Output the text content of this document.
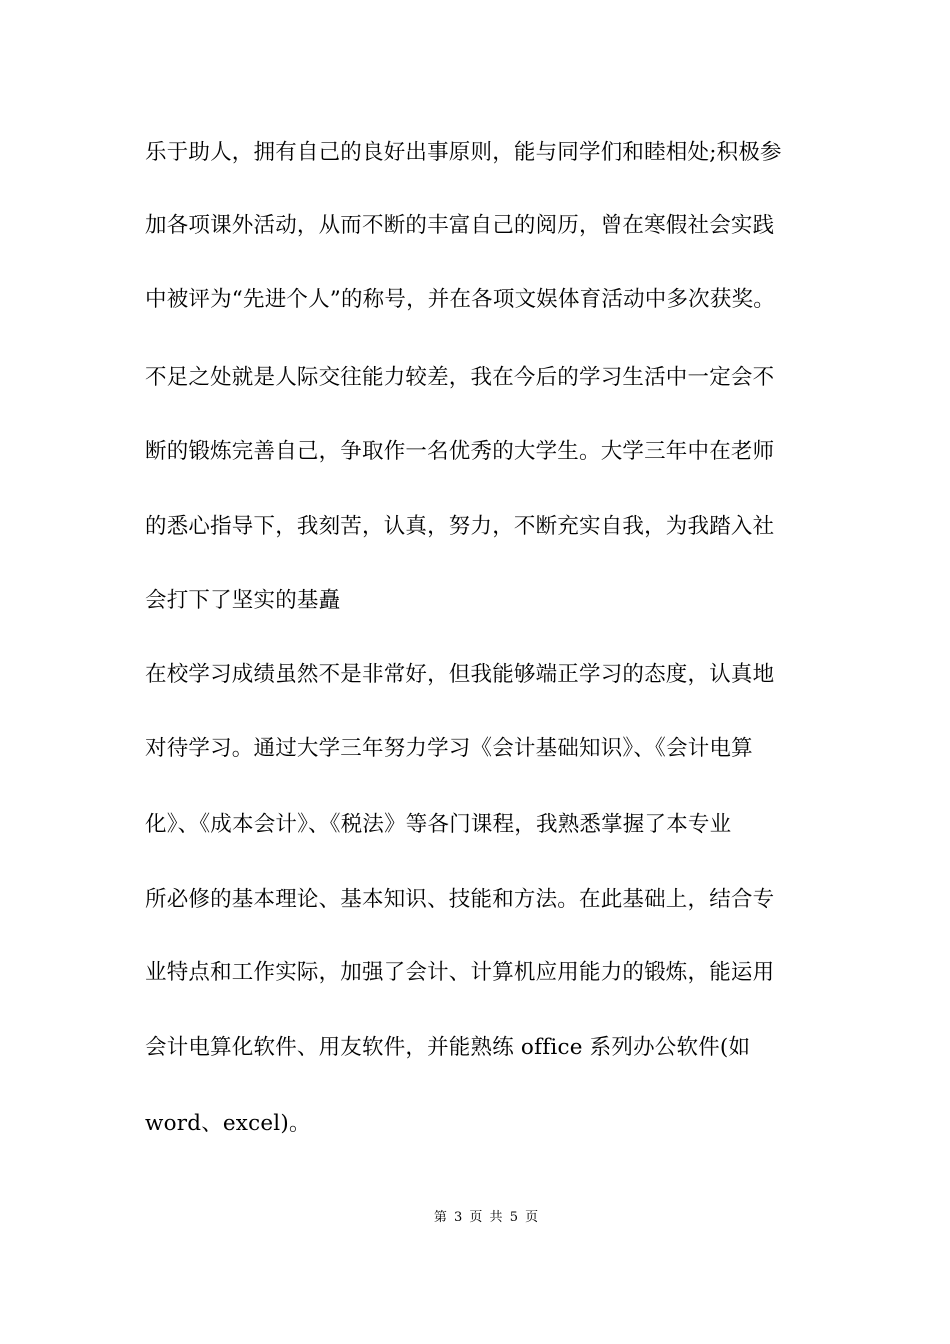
乐于助人，拥有自己的良好出事原则，能与同学们和睦相处;积极参
加各项课外活动，从而不断的丰富自己的阅历，曾在寒假社会实践
中被评为“先进个人”的称号，并在各项文娱体育活动中多次获奖。
不足之处就是人际交往能力较差，我在今后的学习生活中一定会不
断的锻炼完善自己，争取作一名优秀的大学生。大学三年中在老师
的悉心指导下，我刻苦，认真，努力，不断充实自我，为我踏入社
会打下了坚实的基矗
在校学习成绩虽然不是非常好，但我能够端正学习的态度，认真地
对待学习。通过大学三年努力学习《会计基础知识》、《会计电算
化》、《成本会计》、《税法》等各门课程，我熟悉掌握了本专业
所必修的基本理论、基本知识、技能和方法。在此基础上，结合专
业特点和工作实际，加强了会计、计算机应用能力的锻炼，能运用
会计电算化软件、用友软件，并能熟练 office 系列办公软件(如
word、excel)。
第 3 页 共 5 页
